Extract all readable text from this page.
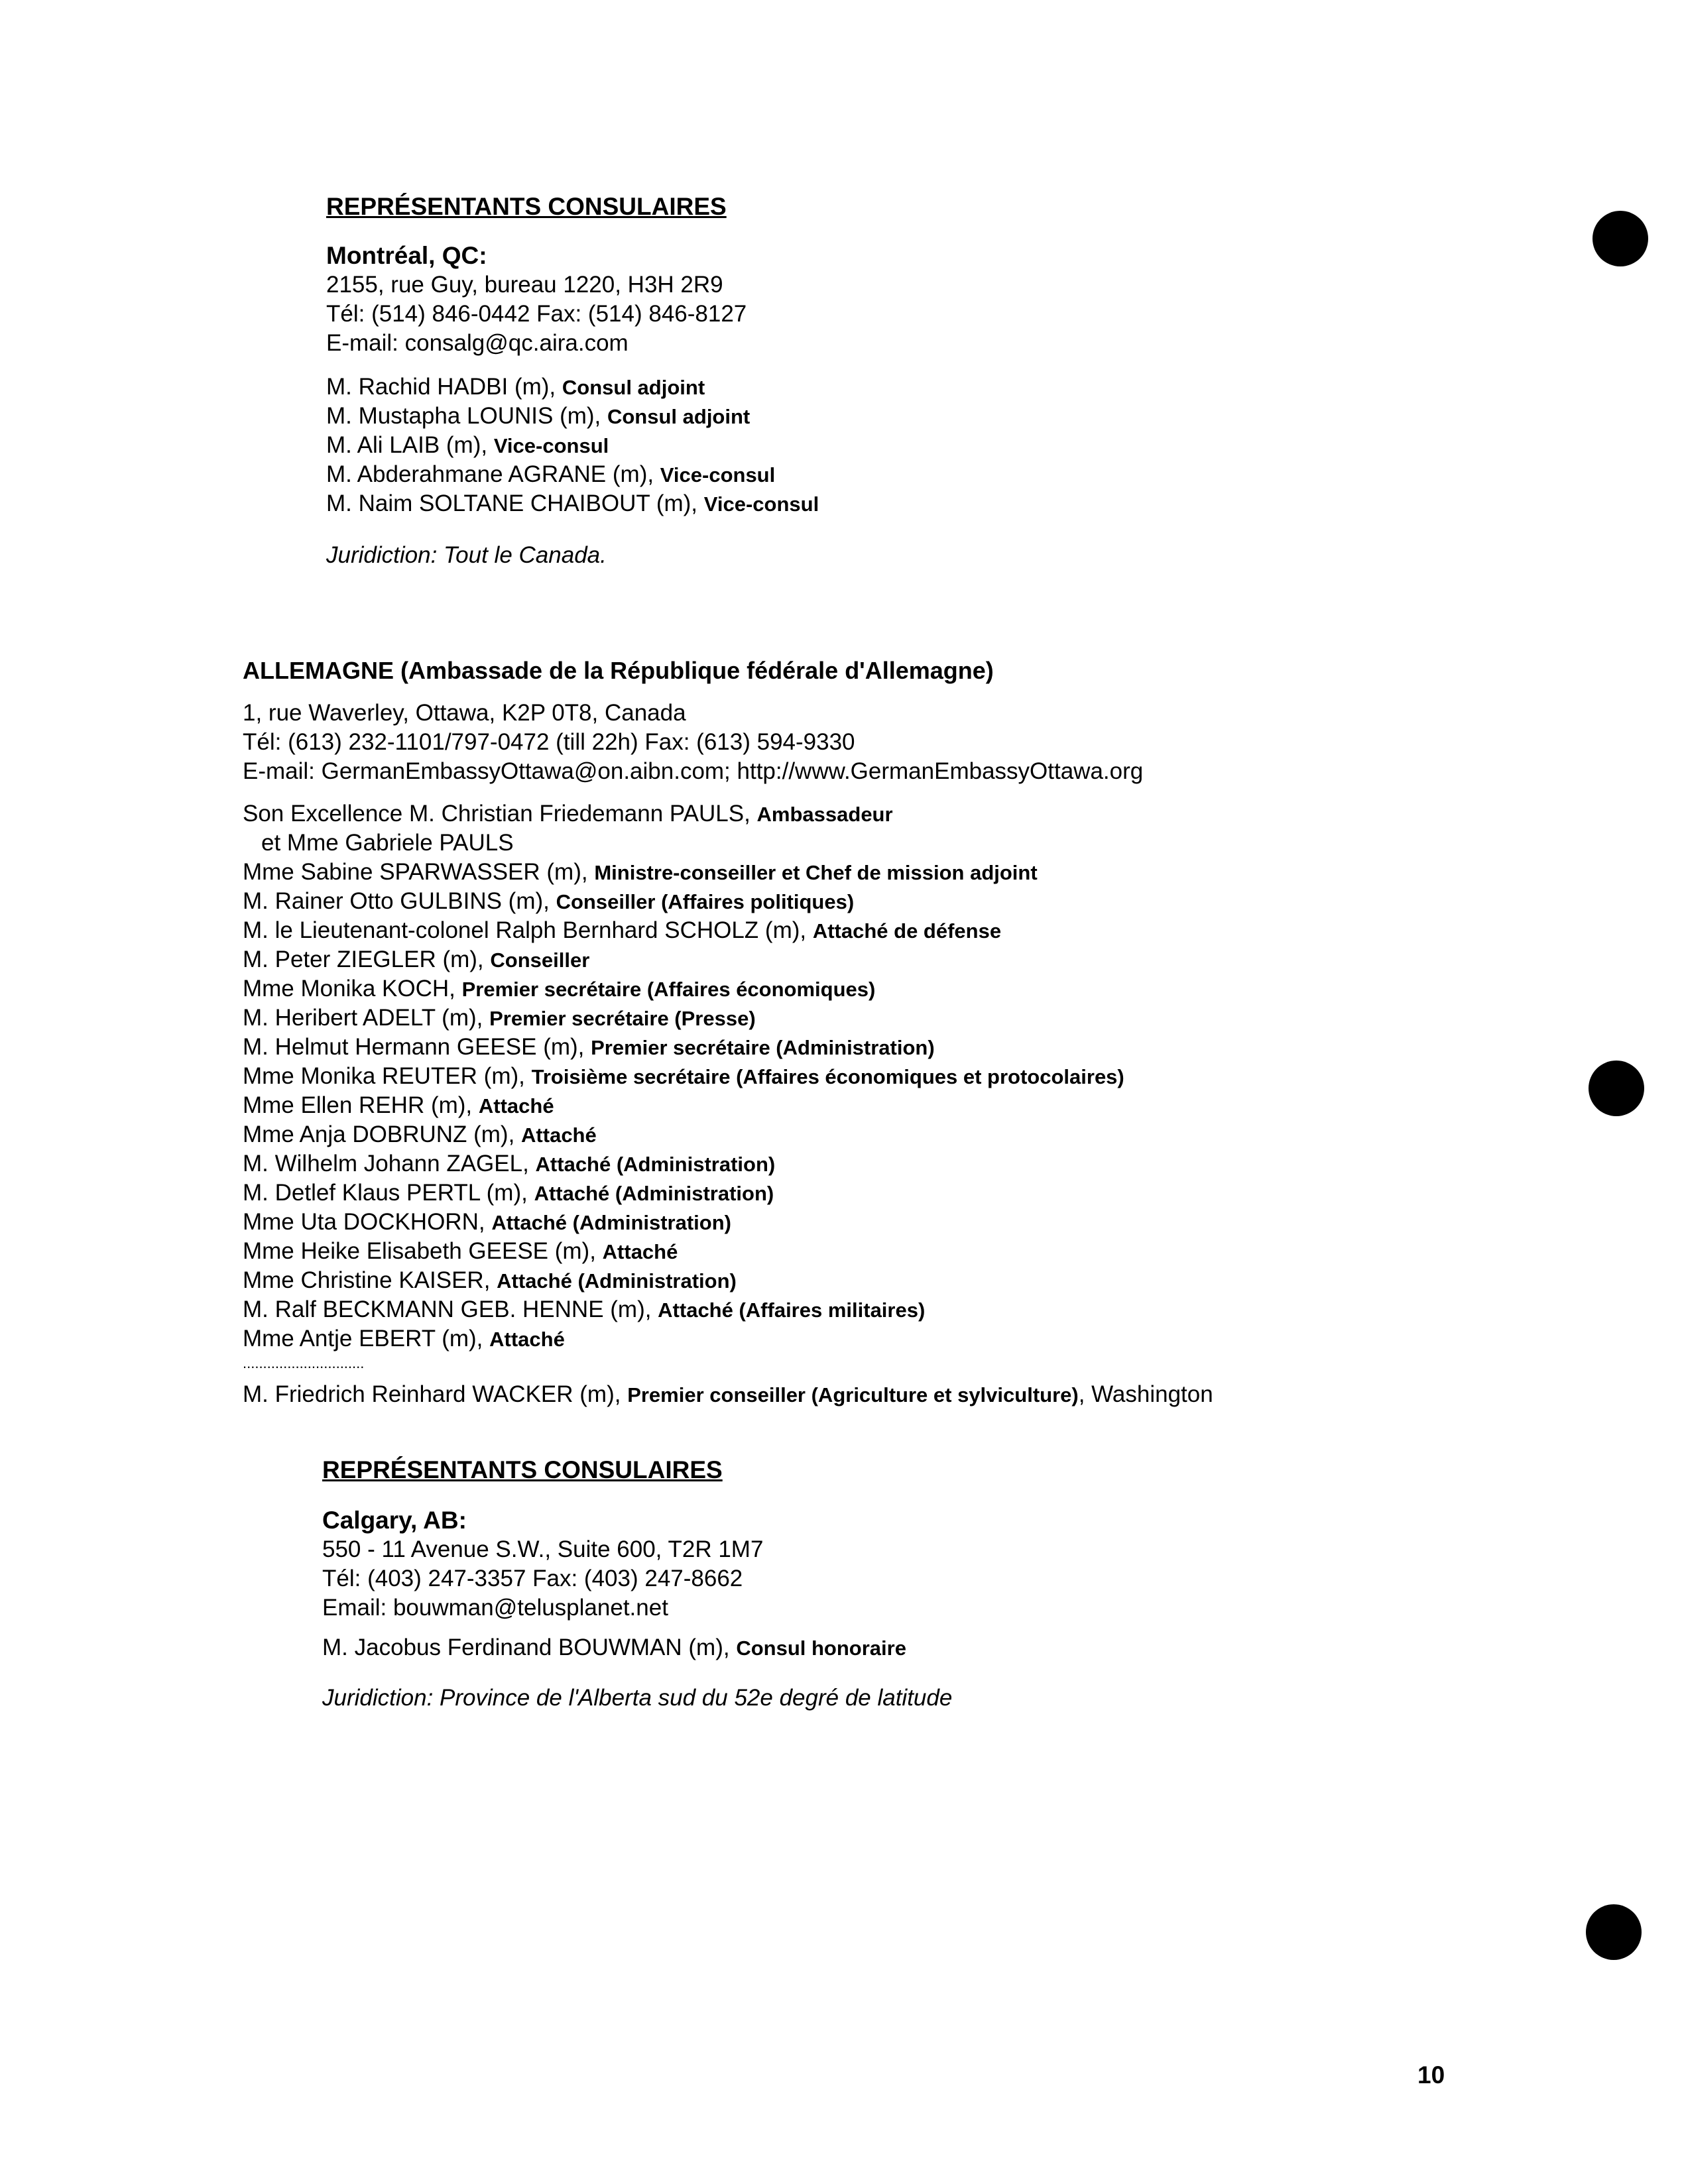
REPRÉSENTANTS CONSULAIRES
Montréal, QC:
2155, rue Guy, bureau 1220, H3H 2R9
Tél: (514) 846-0442 Fax: (514) 846-8127
E-mail: consalg@qc.aira.com
M. Rachid HADBI (m), Consul adjoint
M. Mustapha LOUNIS (m), Consul adjoint
M. Ali LAIB (m), Vice-consul
M. Abderahmane AGRANE (m), Vice-consul
M. Naim SOLTANE CHAIBOUT (m), Vice-consul
Juridiction: Tout le Canada.
ALLEMAGNE (Ambassade de la République fédérale d'Allemagne)
1, rue Waverley, Ottawa, K2P 0T8, Canada
Tél: (613) 232-1101/797-0472 (till 22h) Fax: (613) 594-9330
E-mail: GermanEmbassyOttawa@on.aibn.com; http://www.GermanEmbassyOttawa.org
Son Excellence M. Christian Friedemann PAULS, Ambassadeur
et Mme Gabriele PAULS
Mme Sabine SPARWASSER (m), Ministre-conseiller et Chef de mission adjoint
M. Rainer Otto GULBINS (m), Conseiller (Affaires politiques)
M. le Lieutenant-colonel Ralph Bernhard SCHOLZ (m), Attaché de défense
M. Peter ZIEGLER (m), Conseiller
Mme Monika KOCH, Premier secrétaire (Affaires économiques)
M. Heribert ADELT (m), Premier secrétaire (Presse)
M. Helmut Hermann GEESE (m), Premier secrétaire (Administration)
Mme Monika REUTER (m), Troisième secrétaire (Affaires économiques et protocolaires)
Mme Ellen REHR (m), Attaché
Mme Anja DOBRUNZ (m), Attaché
M. Wilhelm Johann ZAGEL, Attaché (Administration)
M. Detlef Klaus PERTL (m), Attaché (Administration)
Mme Uta DOCKHORN, Attaché (Administration)
Mme Heike Elisabeth GEESE (m), Attaché
Mme Christine KAISER, Attaché (Administration)
M. Ralf BECKMANN GEB. HENNE (m), Attaché (Affaires militaires)
Mme Antje EBERT (m), Attaché
..............................
M. Friedrich Reinhard WACKER (m), Premier conseiller (Agriculture et sylviculture), Washington
REPRÉSENTANTS CONSULAIRES
Calgary, AB:
550 - 11 Avenue S.W., Suite 600, T2R 1M7
Tél: (403) 247-3357 Fax: (403) 247-8662
Email: bouwman@telusplanet.net
M. Jacobus Ferdinand BOUWMAN (m), Consul honoraire
Juridiction: Province de l'Alberta sud du 52e degré de latitude
10
